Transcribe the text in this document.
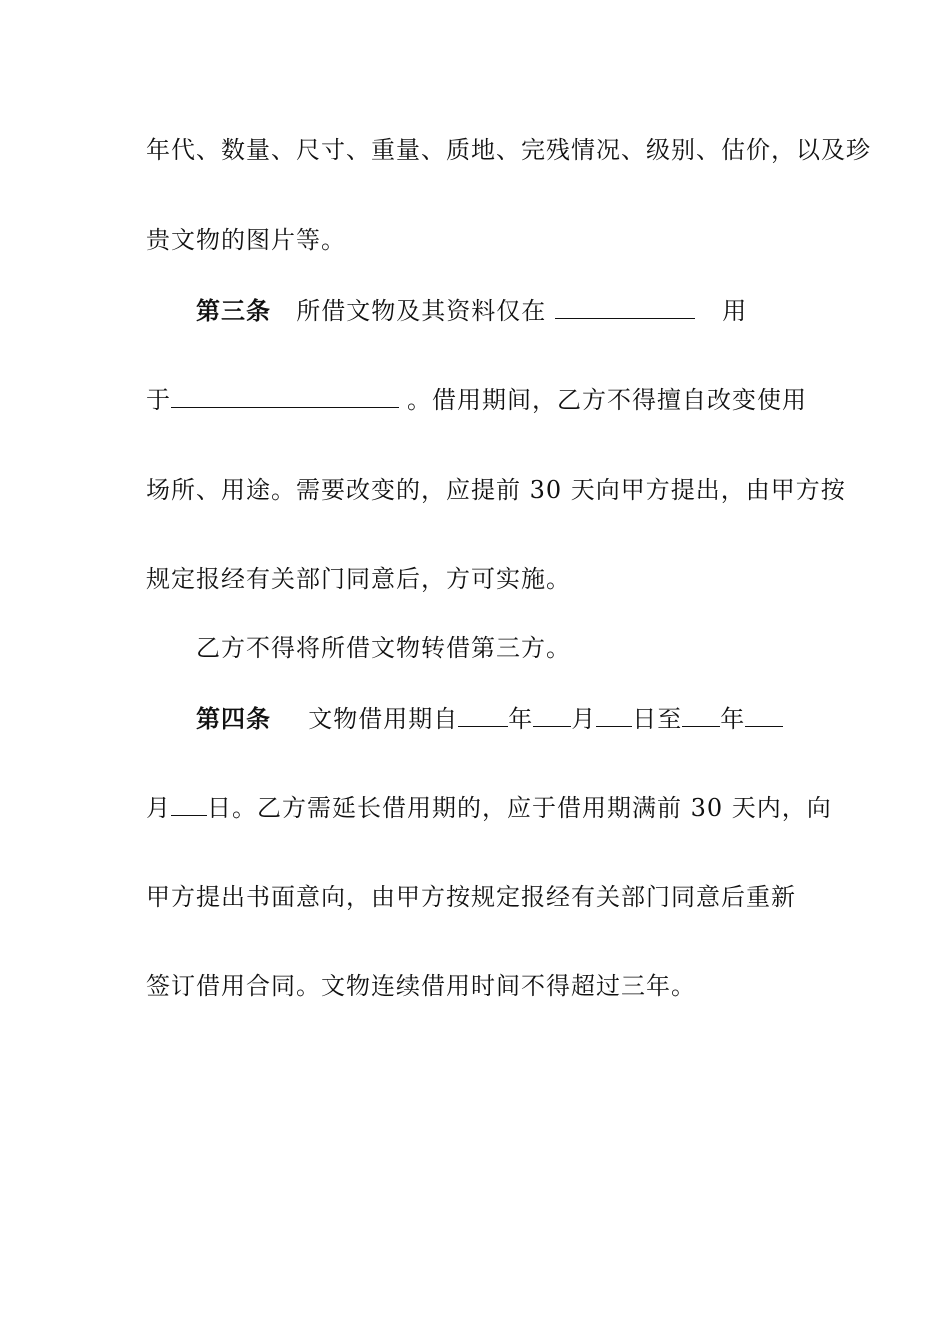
年代、数量、尺寸、重量、质地、完残情况、级别、估价，以及珍
贵文物的图片等。
第三条 所借文物及其资料仅在	用
于	。借用期间，乙方不得擅自改变使用
场所、用途。需要改变的，应提前 30 天向甲方提出，由甲方按
规定报经有关部门同意后，方可实施。
乙方不得将所借文物转借第三方。
第四条 文物借用期自 年 月 日至 年
月 日。乙方需延长借用期的，应于借用期满前 30 天内，向
甲方提出书面意向，由甲方按规定报经有关部门同意后重新
签订借用合同。文物连续借用时间不得超过三年。
